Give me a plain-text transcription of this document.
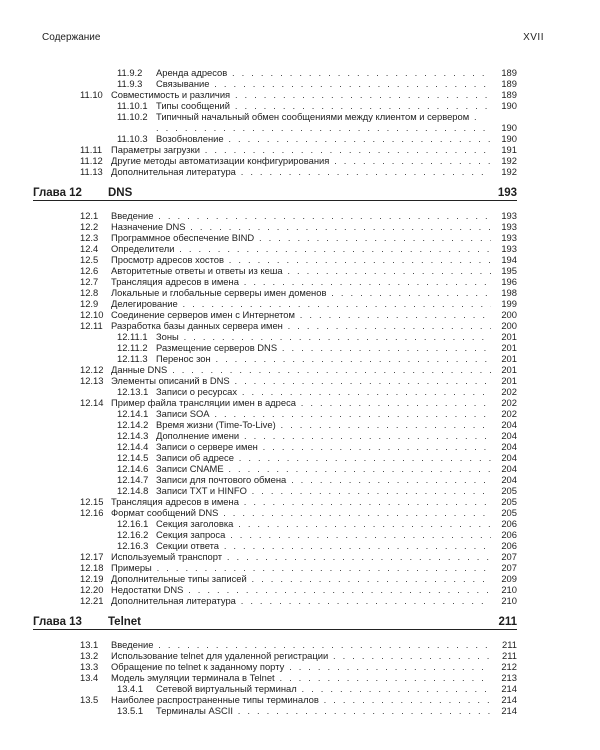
Содержание	XVII
11.9.2 Аренда адресов . . .	189
11.9.3 Связывание . . .	189
11.10 Совместимость и различия . . .	189
11.10.1 Типы сообщений . . .	190
11.10.2 Типичный начальный обмен сообщениями между клиентом и сервером . . . . . . . . . . . . . . . . . . . . . . . . . . . . . . . . . . . .	190
11.10.3 Возобновление . . .	190
11.11 Параметры загрузки . . .	191
11.12 Другие методы автоматизации конфигурирования . . .	192
11.13 Дополнительная литература . . .	192
Глава 12 DNS	193
12.1 Введение . . .	193
12.2 Назначение DNS . . .	193
12.3 Программное обеспечение BIND . . .	193
12.4 Определители . . .	193
12.5 Просмотр адресов хостов . . .	194
12.6 Авторитетные ответы и ответы из кеша . . .	195
12.7 Трансляция адресов в имена . . .	196
12.8 Локальные и глобальные серверы имен доменов . . .	198
12.9 Делегирование . . .	199
12.10 Соединение серверов имен с Интернетом . . .	200
12.11 Разработка базы данных сервера имен . . .	200
12.11.1 Зоны . . .	201
12.11.2 Размещение серверов DNS . . .	201
12.11.3 Перенос зон . . .	201
12.12 Данные DNS . . .	201
12.13 Элементы описаний в DNS . . .	201
12.13.1 Записи о ресурсах . . .	202
12.14 Пример файла трансляции имен в адреса . . .	202
12.14.1 Записи SOA . . .	202
12.14.2 Время жизни (Time-To-Live) . . .	204
12.14.3 Дополнение имени . . .	204
12.14.4 Записи о сервере имен . . .	204
12.14.5 Записи об адресе . . .	204
12.14.6 Записи CNAME . . .	204
12.14.7 Записи для почтового обмена . . .	204
12.14.8 Записи TXT и HINFO . . .	205
12.15 Трансляция адресов в имена . . .	205
12.16 Формат сообщений DNS . . .	205
12.16.1 Секция заголовка . . .	206
12.16.2 Секция запроса . . .	206
12.16.3 Секции ответа . . .	206
12.17 Используемый транспорт . . .	207
12.18 Примеры . . .	207
12.19 Дополнительные типы записей . . .	209
12.20 Недостатки DNS . . .	210
12.21 Дополнительная литература . . .	210
Глава 13 Telnet	211
13.1 Введение . . .	211
13.2 Использование telnet для удаленной регистрации . . .	211
13.3 Обращение по telnet к заданному порту . . .	212
13.4 Модель эмуляции терминала в Telnet . . .	213
13.4.1 Сетевой виртуальный терминал . . .	214
13.5 Наиболее распространенные типы терминалов . . .	214
13.5.1 Терминалы ASCII . . .	214
